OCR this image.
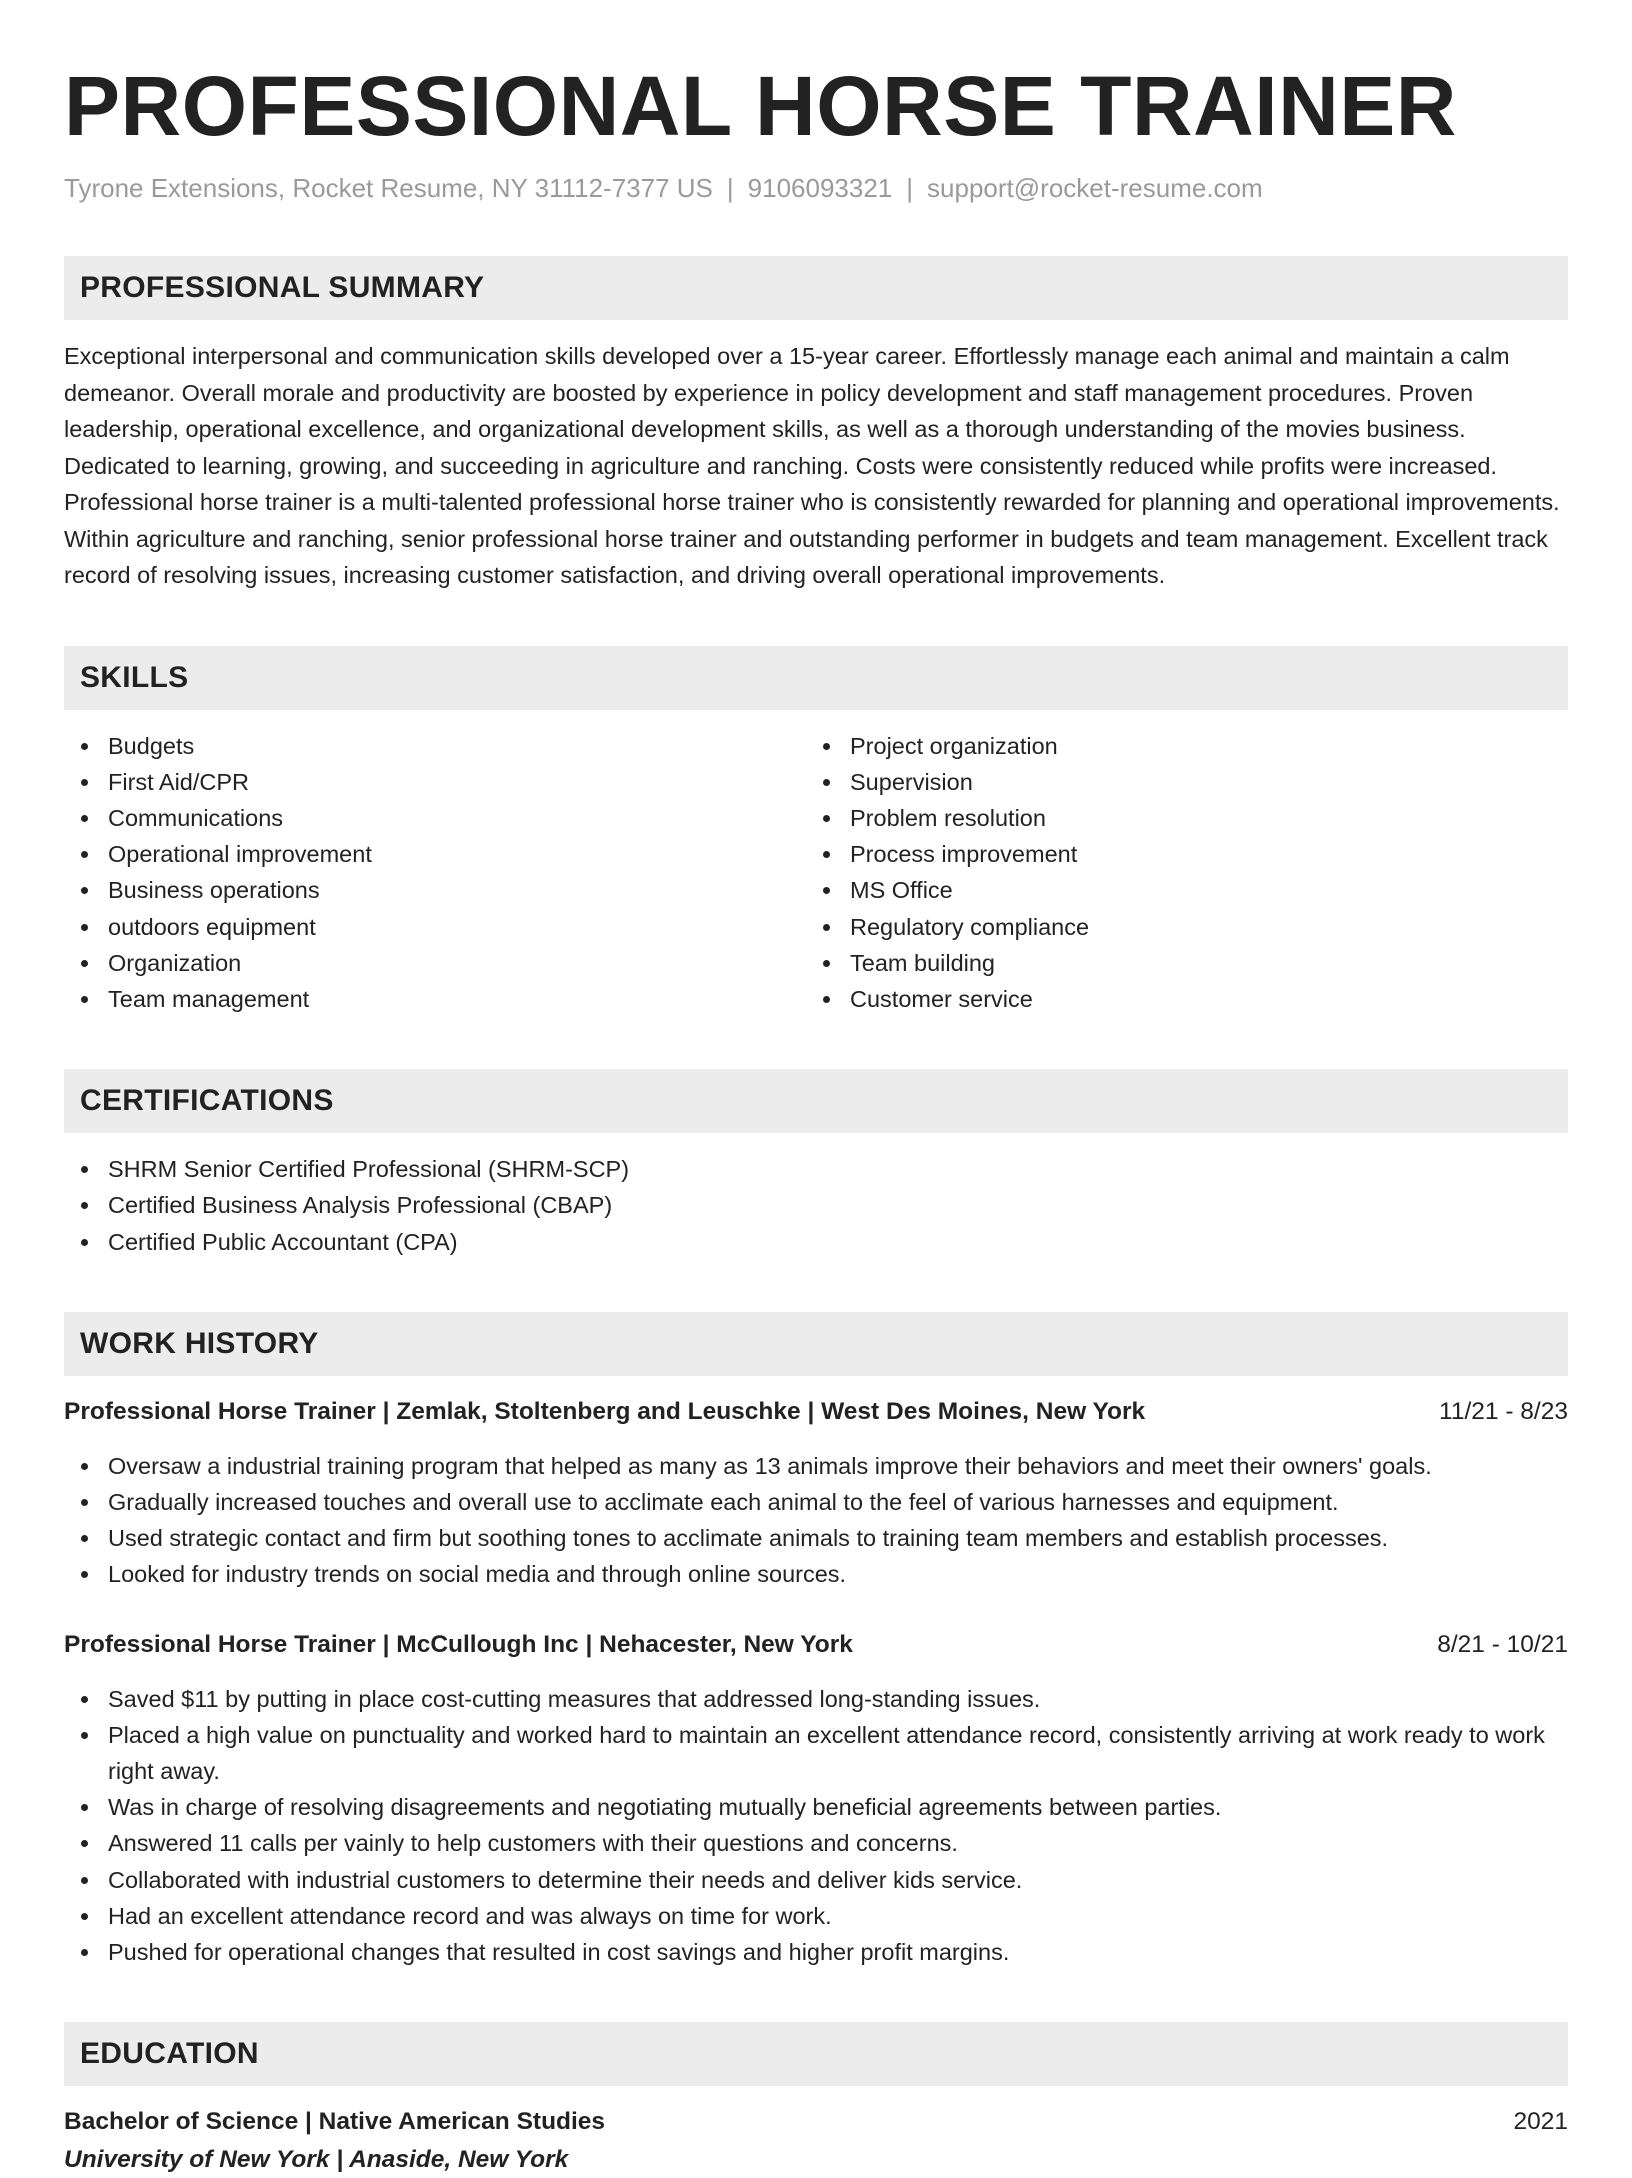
PROFESSIONAL HORSE TRAINER
Tyrone Extensions, Rocket Resume, NY 31112-7377 US | 9106093321 | support@rocket-resume.com
PROFESSIONAL SUMMARY

Exceptional interpersonal and communication skills developed over a 15-year career. Effortlessly manage each animal and maintain a calm demeanor. Overall morale and productivity are boosted by experience in policy development and staff management procedures. Proven leadership, operational excellence, and organizational development skills, as well as a thorough understanding of the movies business. Dedicated to learning, growing, and succeeding in agriculture and ranching. Costs were consistently reduced while profits were increased. Professional horse trainer is a multi-talented professional horse trainer who is consistently rewarded for planning and operational improvements. Within agriculture and ranching, senior professional horse trainer and outstanding performer in budgets and team management. Excellent track record of resolving issues, increasing customer satisfaction, and driving overall operational improvements.

SKILLS
Budgets
First Aid/CPR
Communications
Operational improvement
Business operations
outdoors equipment
Organization
Team management
Project organization
Supervision
Problem resolution
Process improvement
MS Office
Regulatory compliance
Team building
Customer service
CERTIFICATIONS
SHRM Senior Certified Professional (SHRM-SCP)
Certified Business Analysis Professional (CBAP)
Certified Public Accountant (CPA)
WORK HISTORY
Professional Horse Trainer | Zemlak, Stoltenberg and Leuschke | West Des Moines, New York	11/21 - 8/23
Oversaw a industrial training program that helped as many as 13 animals improve their behaviors and meet their owners' goals.
Gradually increased touches and overall use to acclimate each animal to the feel of various harnesses and equipment.
Used strategic contact and firm but soothing tones to acclimate animals to training team members and establish processes.
Looked for industry trends on social media and through online sources.
Professional Horse Trainer | McCullough Inc | Nehacester, New York	8/21 - 10/21
Saved $11 by putting in place cost-cutting measures that addressed long-standing issues.
Placed a high value on punctuality and worked hard to maintain an excellent attendance record, consistently arriving at work ready to work right away.
Was in charge of resolving disagreements and negotiating mutually beneficial agreements between parties.
Answered 11 calls per vainly to help customers with their questions and concerns.
Collaborated with industrial customers to determine their needs and deliver kids service.
Had an excellent attendance record and was always on time for work.
Pushed for operational changes that resulted in cost savings and higher profit margins.
EDUCATION
Bachelor of Science | Native American Studies	2021
University of New York | Anaside, New York
